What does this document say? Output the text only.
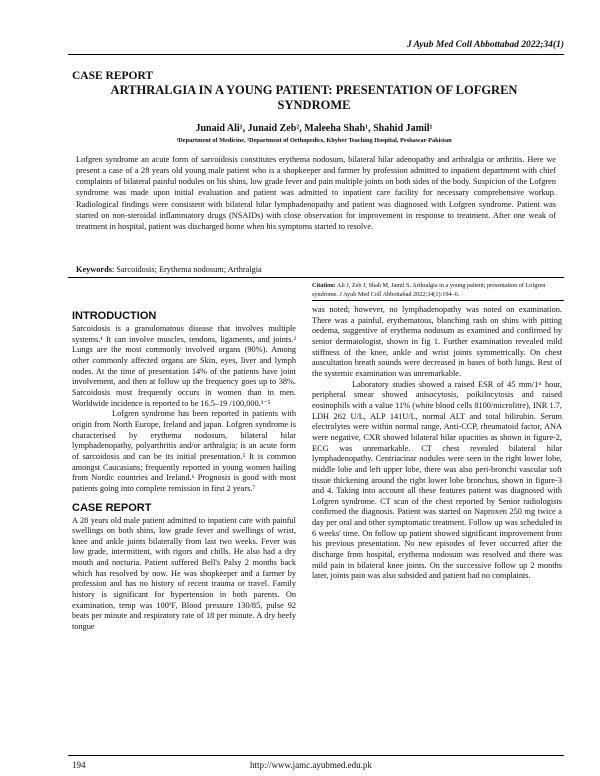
J Ayub Med Coll Abbottabad 2022;34(1)
CASE REPORT
ARTHRALGIA IN A YOUNG PATIENT: PRESENTATION OF LOFGREN
SYNDROME
Junaid Ali¹, Junaid Zeb², Maleeha Shah¹, Shahid Jamil¹
¹Department of Medicine, ²Department of Orthopedics, Khyber Teaching Hospital, Peshawar-Pakistan
Lofgren syndrome an acute form of sarcoidosis constitutes erythema nodosum, bilateral hilar adenopathy and arthralgia or arthritis. Here we present a case of a 28 years old young male patient who is a shopkeeper and farmer by profession admitted to inpatient department with chief complaints of bilateral painful nodules on his shins, low grade fever and pain multiple joints on both sides of the body. Suspicion of the Lofgren syndrome was made upon initial evaluation and patient was admitted to inpatient care facility for necessary comprehensive workup. Radiological findings were consistent with bilateral hilar lymphadenopathy and patient was diagnosed with Lofgren syndrome. Patient was started on non-steroidal inflammatory drugs (NSAIDs) with close observation for improvement in response to treatment. After one weak of treatment in hospital, patient was discharged home when his symptoms started to resolve.
Keywords: Sarcoidosis; Erythema nodosum; Arthralgia
Citation: Ali J, Zeb J, Shah M, Jamil S. Arthralgia in a young patient; presentation of Lofgren syndrome. J Ayub Med Coll Abbottabad 2022;34(1):194–6.
INTRODUCTION

Sarcoidosis is a granulomatous disease that involves multiple systems.¹ It can involve muscles, tendons, ligaments, and joints.² Lungs are the most commonly involved organs (90%). Among other commonly affected organs are Skin, eyes, liver and lymph nodes. At the time of presentation 14% of the patients have joint involvement, and then at follow up the frequency goes up to 38%. Sarcoidosis most frequently occurs in women than in men. Worldwide incidence is reported to be 16.5–19 /100,000.³⁻⁵

Lofgren syndrome has been reported in patients with origin from North Europe, Ireland and japan. Lofgren syndrome is characterised by erythema nodosum, bilateral hilar lymphadenopathy, polyarthritis and/or arthralgia; is an acute form of sarcoidosis and can be its initial presentation.⁵ It is common amongst Caucasians; frequently reported in young women hailing from Nordic countries and Ireland.⁶ Prognosis is good with most patients going into complete remission in first 2 years.⁷

CASE REPORT

A 28 years old male patient admitted to inpatient care with painful swellings on both shins, low grade fever and swellings of wrist, knee and ankle joints bilaterally from last two weeks. Fever was low grade, intermittent, with rigors and chills. He also had a dry mouth and nocturia. Patient suffered Bell's Palsy 2 months back which has resolved by now. He was shopkeeper and a farmer by profession and has no history of recent trauma or travel. Family history is significant for hypertension in both parents. On examination, temp was 100ºF, Blood pressure 130/85, pulse 92 beats per minute and respiratory rate of 18 per minute. A dry beefy tongue

was noted; however, no lymphadenopathy was noted on examination. There was a painful, erythematous, blanching rash on shins with pitting oedema, suggestive of erythema nodosum as examined and confirmed by senior dermatologist, shown in fig 1. Further examination revealed mild stiffness of the knee, ankle and wrist joints symmetrically. On chest auscultation breath sounds were decreased in bases of both lungs. Rest of the systemic examination was unremarkable.

Laboratory studies showed a raised ESR of 45 mm/1ˢᵗ hour, peripheral smear showed anisocytosis, poikilocytosis and raised eosinophils with a value 11% (white blood cells 8100/microlitre), INR 1.7, LDH 262 U/L, ALP 141U/L, normal ALT and total bilirubin. Serum electrolytes were within normal range, Anti-CCP, rheumatoid factor, ANA were negative, CXR showed bilateral hilar opacities as shown in figure-2, ECG was unremarkable. CT chest revealed bilateral hilar lymphadenopathy. Centriacinar nodules were seen in the right lower lobe, middle lobe and left upper lobe, there was also peri-bronchi vascular soft tissue thickening around the right lower lobe bronchus, shown in figure-3 and 4. Taking into account all these features patient was diagnosed with Lofgren syndrome. CT scan of the chest reported by Senior radiologists confirmed the diagnosis. Patient was started on Naproxen 250 mg twice a day per oral and other symptomatic treatment. Follow up was scheduled in 6 weeks' time. On follow up patient showed significant improvement from his previous presentation. No new episodes of fever occurred after the discharge from hospital, erythema nodosum was resolved and there was mild pain in bilateral knee joints. On the successive follow up 2 months later, joints pain was also subsided and patient had no complaints.

194	http://www.jamc.ayubmed.edu.pk
